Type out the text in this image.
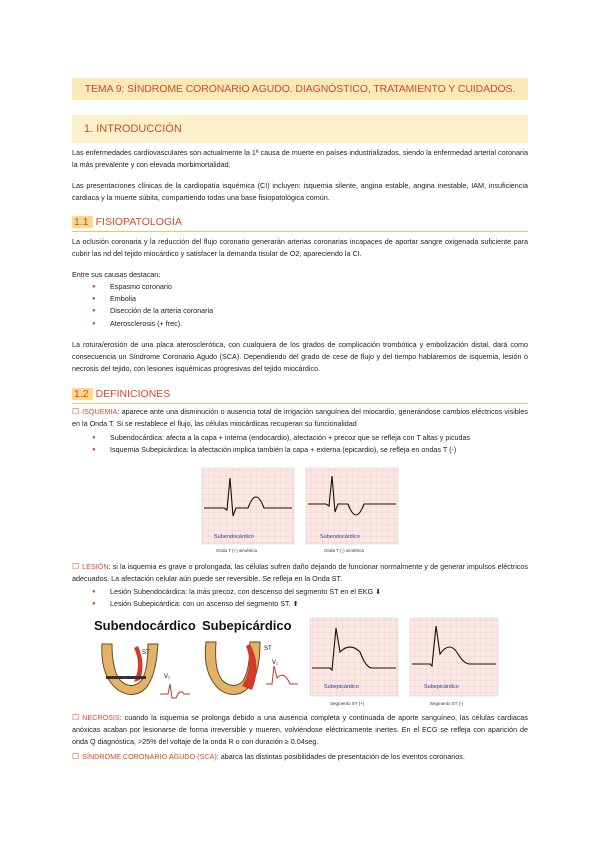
TEMA 9: SÍNDROME CORONARIO AGUDO. DIAGNÓSTICO, TRATAMIENTO Y CUIDADOS.
1. INTRODUCCIÓN
Las enfermedades cardiovasculares son actualmente la 1ª causa de muerte en países industrializados, siendo la enfermedad arterial coronaria la más prevalente y con elevada morbimortalidad.
Las presentaciones clínicas de la cardiopatía isquémica (CI) incluyen: isquemia silente, angina estable, angina inestable, IAM, insuficiencia cardiaca y la muerte súbita, compartiendo todas una base fisiopatológica común.
1.1 FISIOPATOLOGÍA
La oclusión coronaria y la reducción del flujo coronario generarán arterias coronarias incapaces de aportar sangre oxigenada suficiente para cubrir las nd del tejido miocárdico y satisfacer la demanda tisular de O2, apareciendo la CI.
Entre sus causas destacan:
● Espasmo coronario
● Embolia
● Disección de la arteria coronaria
● Aterosclerosis (+ frec).
La rotura/erosión de una placa aterosclerótica, con cualquiera de los grados de complicación trombótica y embolización distal, dará como consecuencia un Síndrome Coronario Agudo (SCA). Dependiendo del grado de cese de flujo y del tiempo hablaremos de isquemia, lesión o necrosis del tejido, con lesiones isquémicas progresivas del tejido miocárdico.
1.2 DEFINICIONES
☐ ISQUEMIA: aparece ante una disminución o ausencia total de irrigación sanguínea del miocardio, generándose cambios eléctricos visibles en la Onda T. Si se restablece el flujo, las células miocárdicas recuperan su funcionalidad
● Subendocárdica: afecta a la capa + interna (endocardio), afectación + precoz que se refleja con T altas y picudas
● Isquemia Subepicárdica: la afectación implica también la capa + externa (epicardio), se refleja en ondas T (-)
Subendocárdico	Subendocárdico
Onda T (+) simétrica	Onda T (-) simétrica
☐ LESIÓN: si la isquemia es grave o prolongada, las células sufren daño dejando de funcionar normalmente y de generar impulsos eléctricos adecuados. La afectación celular aún puede ser reversible. Se refleja en la Onda ST.
● Lesión Subendocárdica: la más precoz, con descenso del segmento ST en el EKG ⬇
● Lesión Subepicárdica: con un ascenso del segmento ST. ⬆
Subendocárdico Subepicárdico
ST
V₁
ST
V₁
Subepicárdico	Subepicárdico
Segmento ST (+)	Segmento ST (-)
☐ NECROSIS: cuando la isquemia se prolonga debido a una ausencia completa y continuada de aporte sanguíneo, las células cardiacas anóxicas acaban por lesionarse de forma irreversible y mueren, volviéndose eléctricamente inertes. En el ECG se refleja con aparición de onda Q diagnóstica, >25% del voltaje de la onda R o con duración ≥ 0.04seg.
☐ SÍNDROME CORONARIO AGUDO (SCA): abarca las distintas posibilidades de presentación de los eventos coronarios.
